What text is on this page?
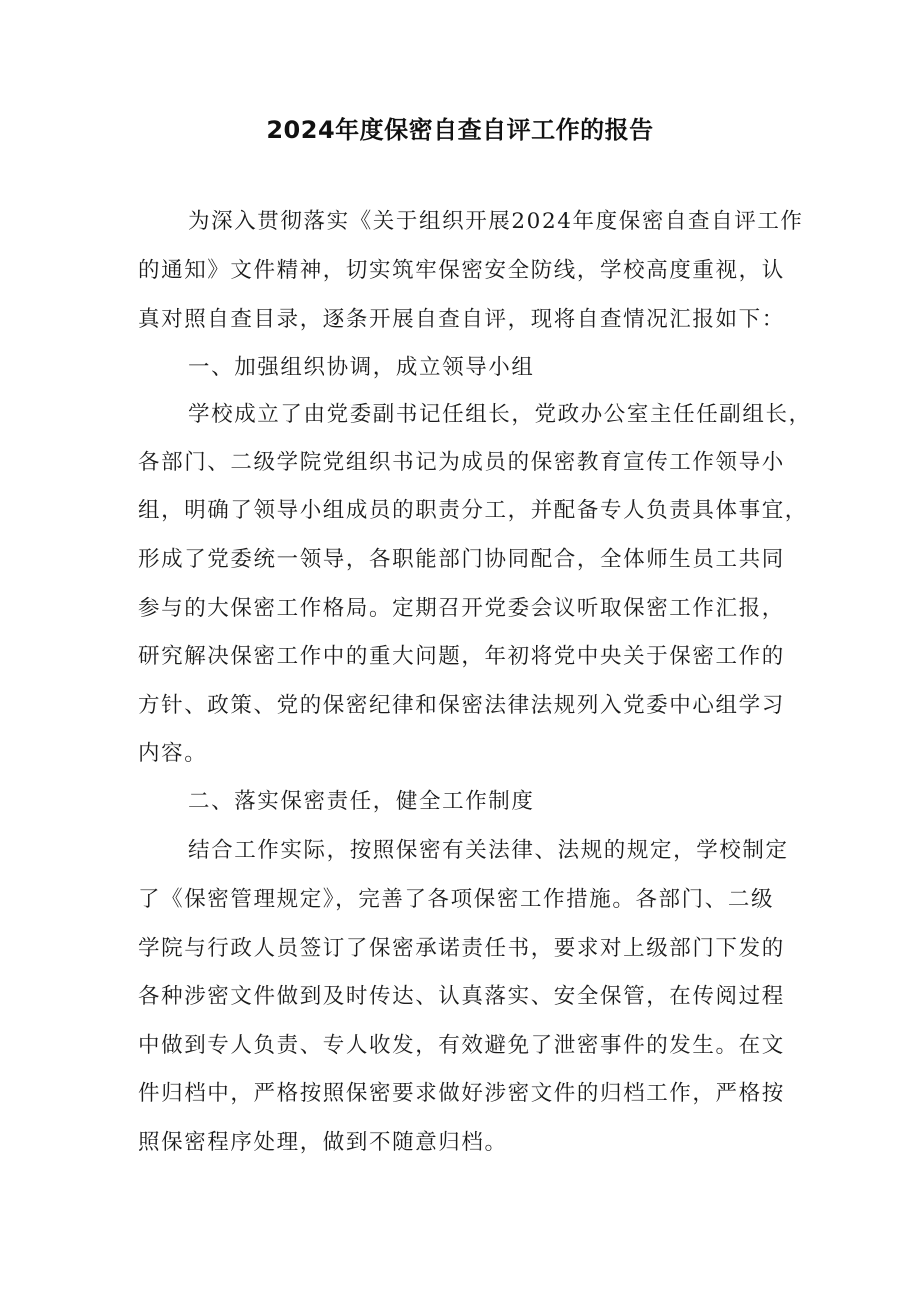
2024年度保密自查自评工作的报告
为深入贯彻落实《关于组织开展2024年度保密自查自评工作
的通知》文件精神，切实筑牢保密安全防线，学校高度重视，认
真对照自查目录，逐条开展自查自评，现将自查情况汇报如下：
一、加强组织协调，成立领导小组
学校成立了由党委副书记任组长，党政办公室主任任副组长，
各部门、二级学院党组织书记为成员的保密教育宣传工作领导小
组，明确了领导小组成员的职责分工，并配备专人负责具体事宜，
形成了党委统一领导，各职能部门协同配合，全体师生员工共同
参与的大保密工作格局。定期召开党委会议听取保密工作汇报，
研究解决保密工作中的重大问题，年初将党中央关于保密工作的
方针、政策、党的保密纪律和保密法律法规列入党委中心组学习
内容。
二、落实保密责任，健全工作制度
结合工作实际，按照保密有关法律、法规的规定，学校制定
了《保密管理规定》，完善了各项保密工作措施。各部门、二级
学院与行政人员签订了保密承诺责任书，要求对上级部门下发的
各种涉密文件做到及时传达、认真落实、安全保管，在传阅过程
中做到专人负责、专人收发，有效避免了泄密事件的发生。在文
件归档中，严格按照保密要求做好涉密文件的归档工作，严格按
照保密程序处理，做到不随意归档。
